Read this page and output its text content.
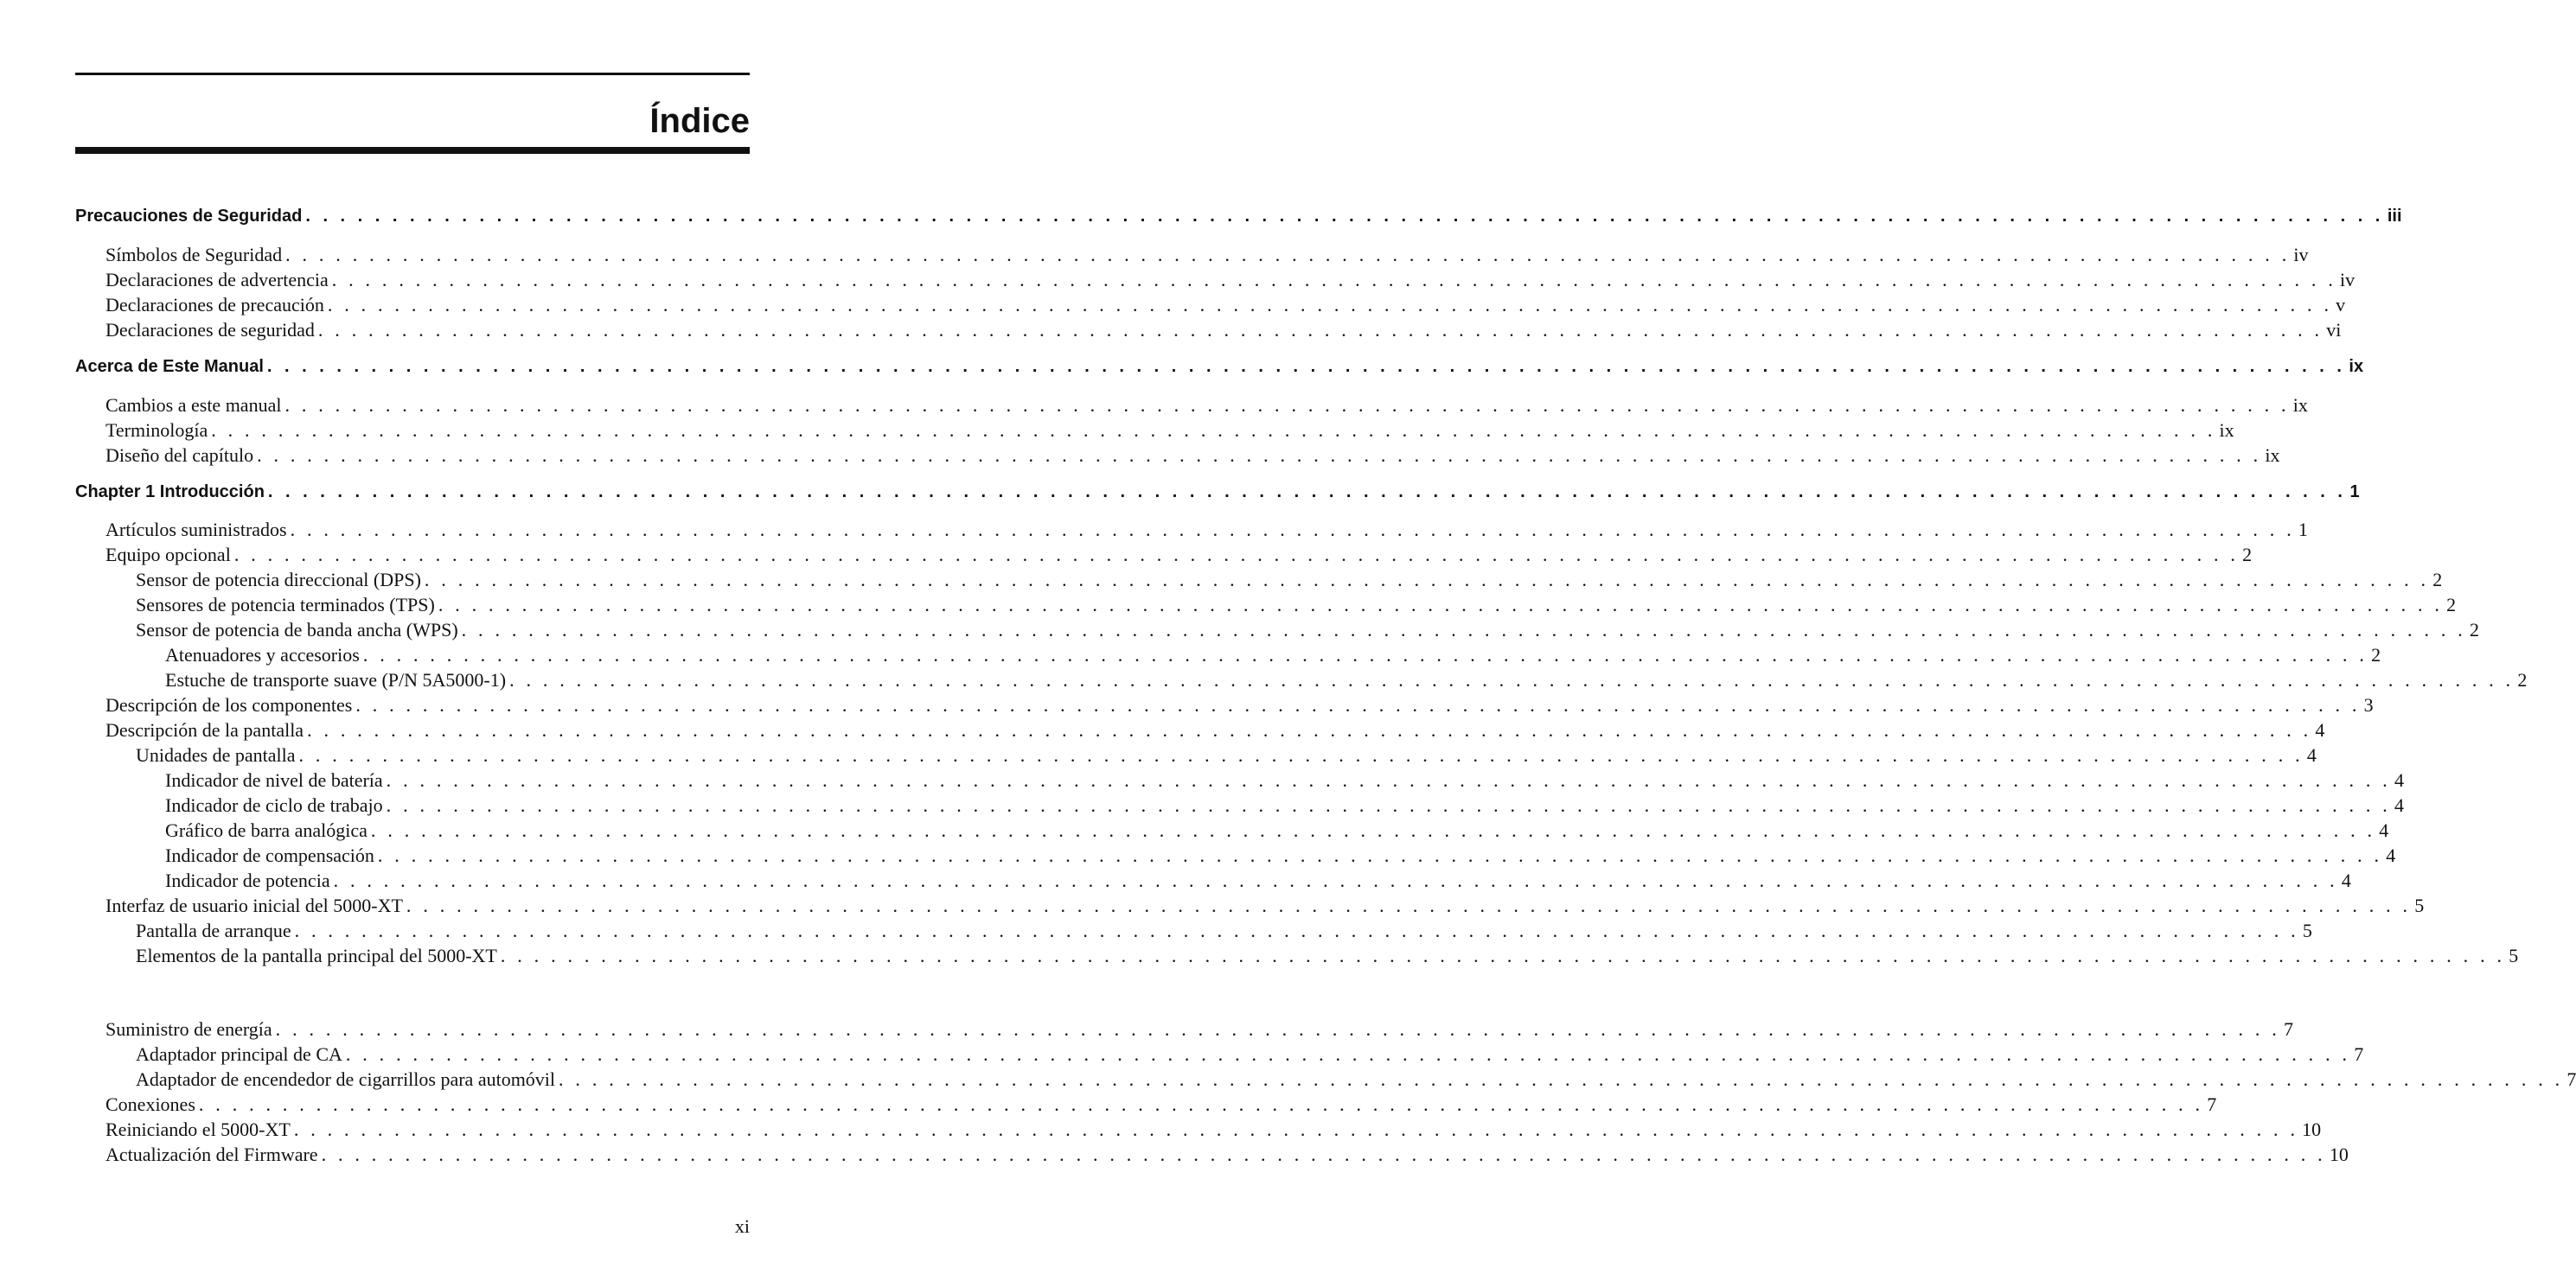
Índice
Precauciones de Seguridad . . . . . . . . . . . . . . . . . . . . . . . . . . . . . . . . . . . . . . . . . . . . . . . . . . . . . . . . . . . . . . . . . . . . . . . . . . . . . . . . . . . . . . . . . . . . . . . . . . . . . . . . . . . . . . . . . . . . . . . . iii
Símbolos de Seguridad . . . . . . . . . . . . . . . . . . . . . . . . . . . . . . . . . . . . . . . . . . . . . . . . . . . . . . . . . . . . . . . . . . . . . . . . . . . . . . . . . . . . . . . . . . . . . . . . . . . . . . . . . . . . . . . . . . . . . . . . iv
Declaraciones de advertencia . . . . . . . . . . . . . . . . . . . . . . . . . . . . . . . . . . . . . . . . . . . . . . . . . . . . . . . . . . . . . . . . . . . . . . . . . . . . . . . . . . . . . . . . . . . . . . . . . . . . . . . . . . . . . . . . . . . . . . . . iv
Declaraciones de precaución . . . . . . . . . . . . . . . . . . . . . . . . . . . . . . . . . . . . . . . . . . . . . . . . . . . . . . . . . . . . . . . . . . . . . . . . . . . . . . . . . . . . . . . . . . . . . . . . . . . . . . . . . . . . . . . . . . . . . . . . v
Declaraciones de seguridad . . . . . . . . . . . . . . . . . . . . . . . . . . . . . . . . . . . . . . . . . . . . . . . . . . . . . . . . . . . . . . . . . . . . . . . . . . . . . . . . . . . . . . . . . . . . . . . . . . . . . . . . . . . . . . . . . . . . . . . . vi
Acerca de Este Manual . . . . . . . . . . . . . . . . . . . . . . . . . . . . . . . . . . . . . . . . . . . . . . . . . . . . . . . . . . . . . . . . . . . . . . . . . . . . . . . . . . . . . . . . . . . . . . . . . . . . . . . . . . . . . . . . . . . . . . . . ix
Cambios a este manual . . . . . . . . . . . . . . . . . . . . . . . . . . . . . . . . . . . . . . . . . . . . . . . . . . . . . . . . . . . . . . . . . . . . . . . . . . . . . . . . . . . . . . . . . . . . . . . . . . . . . . . . . . . . . . . . . . . . . . . . ix
Terminología . . . . . . . . . . . . . . . . . . . . . . . . . . . . . . . . . . . . . . . . . . . . . . . . . . . . . . . . . . . . . . . . . . . . . . . . . . . . . . . . . . . . . . . . . . . . . . . . . . . . . . . . . . . . . . . . . . . . . . . . ix
Diseño del capítulo . . . . . . . . . . . . . . . . . . . . . . . . . . . . . . . . . . . . . . . . . . . . . . . . . . . . . . . . . . . . . . . . . . . . . . . . . . . . . . . . . . . . . . . . . . . . . . . . . . . . . . . . . . . . . . . . . . . . . . . . ix
Chapter 1 Introducción . . . . . . . . . . . . . . . . . . . . . . . . . . . . . . . . . . . . . . . . . . . . . . . . . . . . . . . . . . . . . . . . . . . . . . . . . . . . . . . . . . . . . . . . . . . . . . . . . . . . . . . . . . . . . . . . . . . . . . . . 1
Artículos suministrados . . . . . . . . . . . . . . . . . . . . . . . . . . . . . . . . . . . . . . . . . . . . . . . . . . . . . . . . . . . . . . . . . . . . . . . . . . . . . . . . . . . . . . . . . . . . . . . . . . . . . . . . . . . . . . . . . . . . . . . . 1
Equipo opcional . . . . . . . . . . . . . . . . . . . . . . . . . . . . . . . . . . . . . . . . . . . . . . . . . . . . . . . . . . . . . . . . . . . . . . . . . . . . . . . . . . . . . . . . . . . . . . . . . . . . . . . . . . . . . . . . . . . . . . . . 2
Sensor de potencia direccional (DPS) . . . . . . . . . . . . . . . . . . . . . . . . . . . . . . . . . . . . . . . . . . . . . . . . . . . . . . . . . . . . . . . . . . . . . . . . . . . . . . . . . . . . . . . . . . . . . . . . . . . . . . . . . . . . . . . . . . . . . . . . 2
Sensores de potencia terminados (TPS) . . . . . . . . . . . . . . . . . . . . . . . . . . . . . . . . . . . . . . . . . . . . . . . . . . . . . . . . . . . . . . . . . . . . . . . . . . . . . . . . . . . . . . . . . . . . . . . . . . . . . . . . . . . . . . . . . . . . . . . . 2
Sensor de potencia de banda ancha (WPS) . . . . . . . . . . . . . . . . . . . . . . . . . . . . . . . . . . . . . . . . . . . . . . . . . . . . . . . . . . . . . . . . . . . . . . . . . . . . . . . . . . . . . . . . . . . . . . . . . . . . . . . . . . . . . . . . . . . . . . . . 2
Atenuadores y accesorios . . . . . . . . . . . . . . . . . . . . . . . . . . . . . . . . . . . . . . . . . . . . . . . . . . . . . . . . . . . . . . . . . . . . . . . . . . . . . . . . . . . . . . . . . . . . . . . . . . . . . . . . . . . . . . . . . . . . . . . . 2
Estuche de transporte suave (P/N 5A5000-1) . . . . . . . . . . . . . . . . . . . . . . . . . . . . . . . . . . . . . . . . . . . . . . . . . . . . . . . . . . . . . . . . . . . . . . . . . . . . . . . . . . . . . . . . . . . . . . . . . . . . . . . . . . . . . . . . . . . . . . . . 2
Descripción de los componentes . . . . . . . . . . . . . . . . . . . . . . . . . . . . . . . . . . . . . . . . . . . . . . . . . . . . . . . . . . . . . . . . . . . . . . . . . . . . . . . . . . . . . . . . . . . . . . . . . . . . . . . . . . . . . . . . . . . . . . . . 3
Descripción de la pantalla . . . . . . . . . . . . . . . . . . . . . . . . . . . . . . . . . . . . . . . . . . . . . . . . . . . . . . . . . . . . . . . . . . . . . . . . . . . . . . . . . . . . . . . . . . . . . . . . . . . . . . . . . . . . . . . . . . . . . . . . 4
Unidades de pantalla . . . . . . . . . . . . . . . . . . . . . . . . . . . . . . . . . . . . . . . . . . . . . . . . . . . . . . . . . . . . . . . . . . . . . . . . . . . . . . . . . . . . . . . . . . . . . . . . . . . . . . . . . . . . . . . . . . . . . . . . 4
Indicador de nivel de batería . . . . . . . . . . . . . . . . . . . . . . . . . . . . . . . . . . . . . . . . . . . . . . . . . . . . . . . . . . . . . . . . . . . . . . . . . . . . . . . . . . . . . . . . . . . . . . . . . . . . . . . . . . . . . . . . . . . . . . . . 4
Indicador de ciclo de trabajo . . . . . . . . . . . . . . . . . . . . . . . . . . . . . . . . . . . . . . . . . . . . . . . . . . . . . . . . . . . . . . . . . . . . . . . . . . . . . . . . . . . . . . . . . . . . . . . . . . . . . . . . . . . . . . . . . . . . . . . . 4
Gráfico de barra analógica . . . . . . . . . . . . . . . . . . . . . . . . . . . . . . . . . . . . . . . . . . . . . . . . . . . . . . . . . . . . . . . . . . . . . . . . . . . . . . . . . . . . . . . . . . . . . . . . . . . . . . . . . . . . . . . . . . . . . . . . 4
Indicador de compensación . . . . . . . . . . . . . . . . . . . . . . . . . . . . . . . . . . . . . . . . . . . . . . . . . . . . . . . . . . . . . . . . . . . . . . . . . . . . . . . . . . . . . . . . . . . . . . . . . . . . . . . . . . . . . . . . . . . . . . . . 4
Indicador de potencia . . . . . . . . . . . . . . . . . . . . . . . . . . . . . . . . . . . . . . . . . . . . . . . . . . . . . . . . . . . . . . . . . . . . . . . . . . . . . . . . . . . . . . . . . . . . . . . . . . . . . . . . . . . . . . . . . . . . . . . . 4
Interfaz de usuario inicial del 5000-XT . . . . . . . . . . . . . . . . . . . . . . . . . . . . . . . . . . . . . . . . . . . . . . . . . . . . . . . . . . . . . . . . . . . . . . . . . . . . . . . . . . . . . . . . . . . . . . . . . . . . . . . . . . . . . . . . . . . . . . . . 5
Pantalla de arranque . . . . . . . . . . . . . . . . . . . . . . . . . . . . . . . . . . . . . . . . . . . . . . . . . . . . . . . . . . . . . . . . . . . . . . . . . . . . . . . . . . . . . . . . . . . . . . . . . . . . . . . . . . . . . . . . . . . . . . . . 5
Elementos de la pantalla principal del 5000-XT . . . . . . . . . . . . . . . . . . . . . . . . . . . . . . . . . . . . . . . . . . . . . . . . . . . . . . . . . . . . . . . . . . . . . . . . . . . . . . . . . . . . . . . . . . . . . . . . . . . . . . . . . . . . . . . . . . . . . . . . 5
Suministro de energía . . . . . . . . . . . . . . . . . . . . . . . . . . . . . . . . . . . . . . . . . . . . . . . . . . . . . . . . . . . . . . . . . . . . . . . . . . . . . . . . . . . . . . . . . . . . . . . . . . . . . . . . . . . . . . . . . . . . . . . . 7
Adaptador principal de CA . . . . . . . . . . . . . . . . . . . . . . . . . . . . . . . . . . . . . . . . . . . . . . . . . . . . . . . . . . . . . . . . . . . . . . . . . . . . . . . . . . . . . . . . . . . . . . . . . . . . . . . . . . . . . . . . . . . . . . . . 7
Adaptador de encendedor de cigarrillos para automóvil . . . . . . . . . . . . . . . . . . . . . . . . . . . . . . . . . . . . . . . . . . . . . . . . . . . . . . . . . . . . . . . . . . . . . . . . . . . . . . . . . . . . . . . . . . . . . . . . . . . . . . . . . . . . . . . . . . . . . . . . 7
Conexiones . . . . . . . . . . . . . . . . . . . . . . . . . . . . . . . . . . . . . . . . . . . . . . . . . . . . . . . . . . . . . . . . . . . . . . . . . . . . . . . . . . . . . . . . . . . . . . . . . . . . . . . . . . . . . . . . . . . . . . . . 7
Reiniciando el 5000-XT . . . . . . . . . . . . . . . . . . . . . . . . . . . . . . . . . . . . . . . . . . . . . . . . . . . . . . . . . . . . . . . . . . . . . . . . . . . . . . . . . . . . . . . . . . . . . . . . . . . . . . . . . . . . . . . . . . . . . . . . 10
Actualización del Firmware . . . . . . . . . . . . . . . . . . . . . . . . . . . . . . . . . . . . . . . . . . . . . . . . . . . . . . . . . . . . . . . . . . . . . . . . . . . . . . . . . . . . . . . . . . . . . . . . . . . . . . . . . . . . . . . . . . . . . . . . 10
xi
